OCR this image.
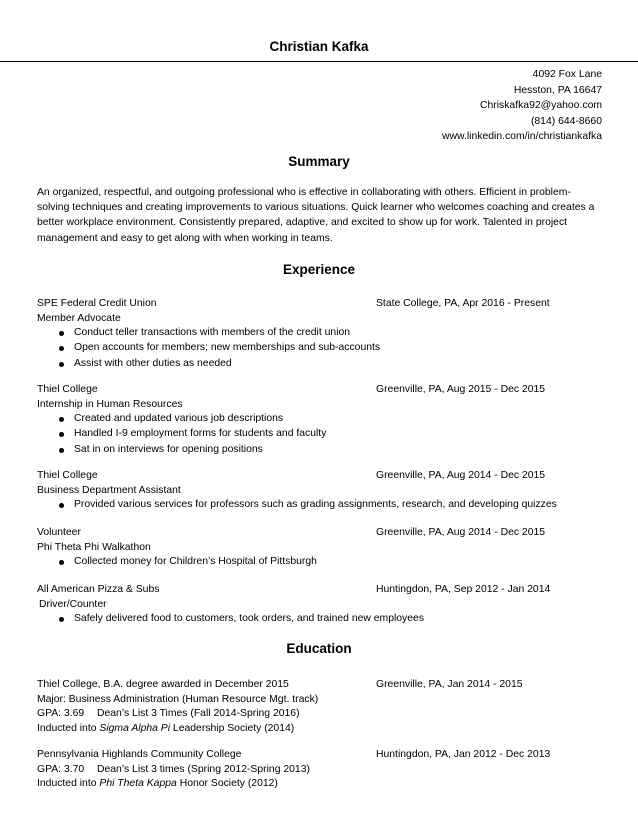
Christian Kafka
4092 Fox Lane
Hesston, PA 16647
Chriskafka92@yahoo.com
(814) 644-8660
www.linkedin.com/in/christiankafka
Summary
An organized, respectful, and outgoing professional who is effective in collaborating with others. Efficient in problem-solving techniques and creating improvements to various situations. Quick learner who welcomes coaching and creates a better workplace environment. Consistently prepared, adaptive, and excited to show up for work. Talented in project management and easy to get along with when working in teams.
Experience
SPE Federal Credit Union	State College, PA, Apr 2016 - Present
Member Advocate
Conduct teller transactions with members of the credit union
Open accounts for members; new memberships and sub-accounts
Assist with other duties as needed
Thiel College	Greenville, PA, Aug 2015 - Dec 2015
Internship in Human Resources
Created and updated various job descriptions
Handled I-9 employment forms for students and faculty
Sat in on interviews for opening positions
Thiel College	Greenville, PA, Aug 2014 - Dec 2015
Business Department Assistant
Provided various services for professors such as grading assignments, research, and developing quizzes
Volunteer	Greenville, PA, Aug 2014 - Dec 2015
Phi Theta Phi Walkathon
Collected money for Children’s Hospital of Pittsburgh
All American Pizza & Subs	Huntingdon, PA, Sep 2012 - Jan 2014
Driver/Counter
Safely delivered food to customers, took orders, and trained new employees
Education
Thiel College, B.A. degree awarded in December 2015	Greenville, PA, Jan 2014 - 2015
Major: Business Administration (Human Resource Mgt. track)
GPA: 3.69 Dean’s List 3 Times (Fall 2014-Spring 2016)
Inducted into Sigma Alpha Pi Leadership Society (2014)
Pennsylvania Highlands Community College	Huntingdon, PA, Jan 2012 - Dec 2013
GPA: 3.70 Dean’s List 3 times (Spring 2012-Spring 2013)
Inducted into Phi Theta Kappa Honor Society (2012)
